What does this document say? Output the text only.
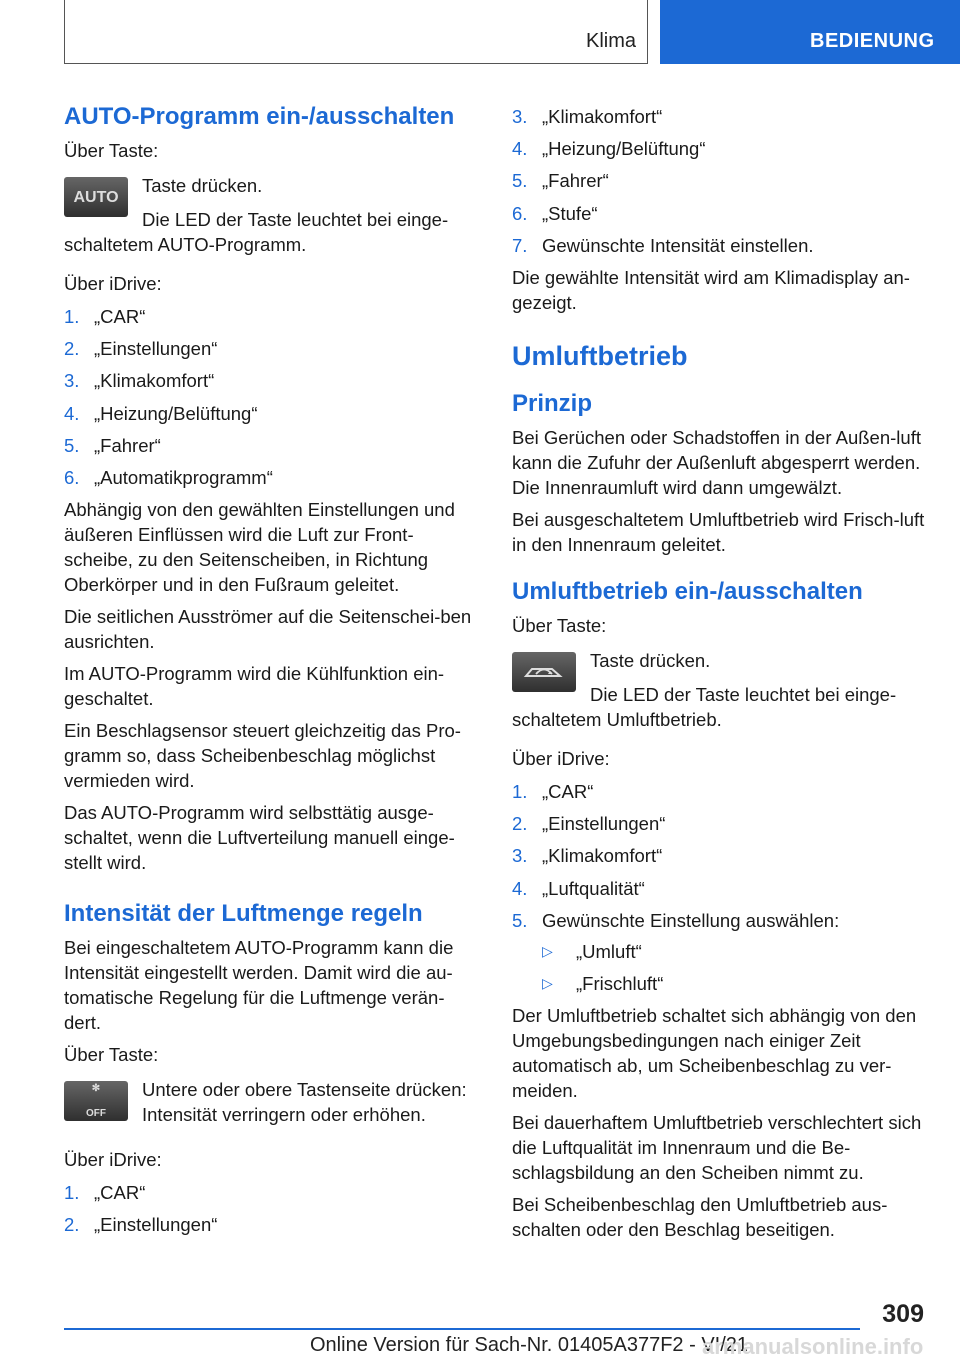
Klima	BEDIENUNG
AUTO-Programm ein-/ausschalten

Über Taste:

AUTO

Taste drücken.

Die LED der Taste leuchtet bei einge-schaltetem AUTO-Programm.

Über iDrive:

1. „CAR“
2. „Einstellungen“
3. „Klimakomfort“
4. „Heizung/Belüftung“
5. „Fahrer“
6. „Automatikprogramm“

Abhängig von den gewählten Einstellungen und äußeren Einflüssen wird die Luft zur Front-scheibe, zu den Seitenscheiben, in Richtung Oberkörper und in den Fußraum geleitet.

Die seitlichen Ausströmer auf die Seitenschei-ben ausrichten.

Im AUTO-Programm wird die Kühlfunktion ein-geschaltet.

Ein Beschlagsensor steuert gleichzeitig das Pro-gramm so, dass Scheibenbeschlag möglichst vermieden wird.

Das AUTO-Programm wird selbsttätig ausge-schaltet, wenn die Luftverteilung manuell einge-stellt wird.

Intensität der Luftmenge regeln

Bei eingeschaltetem AUTO-Programm kann die Intensität eingestellt werden. Damit wird die au-tomatische Regelung für die Luftmenge verän-dert.

Über Taste:

✻
OFF

Untere oder obere Tastenseite drücken: Intensität verringern oder erhöhen.

Über iDrive:

1. „CAR“
2. „Einstellungen“
3. „Klimakomfort“
4. „Heizung/Belüftung“
5. „Fahrer“
6. „Stufe“
7. Gewünschte Intensität einstellen.

Die gewählte Intensität wird am Klimadisplay an-gezeigt.

Umluftbetrieb
Prinzip

Bei Gerüchen oder Schadstoffen in der Außen-luft kann die Zufuhr der Außenluft abgesperrt werden. Die Innenraumluft wird dann umgewälzt.

Bei ausgeschaltetem Umluftbetrieb wird Frisch-luft in den Innenraum geleitet.

Umluftbetrieb ein-/ausschalten

Über Taste:

Taste drücken.

Die LED der Taste leuchtet bei einge-schaltetem Umluftbetrieb.

Über iDrive:

1. „CAR“
2. „Einstellungen“
3. „Klimakomfort“
4. „Luftqualität“
5. Gewünschte Einstellung auswählen:
▷ „Umluft“
▷ „Frischluft“

Der Umluftbetrieb schaltet sich abhängig von den Umgebungsbedingungen nach einiger Zeit automatisch ab, um Scheibenbeschlag zu ver-meiden.

Bei dauerhaftem Umluftbetrieb verschlechtert sich die Luftqualität im Innenraum und die Be-schlagsbildung an den Scheiben nimmt zu.

Bei Scheibenbeschlag den Umluftbetrieb aus-schalten oder den Beschlag beseitigen.

309
Online Version für Sach-Nr. 01405A377F2 - VI/21
armanualsonline.info
